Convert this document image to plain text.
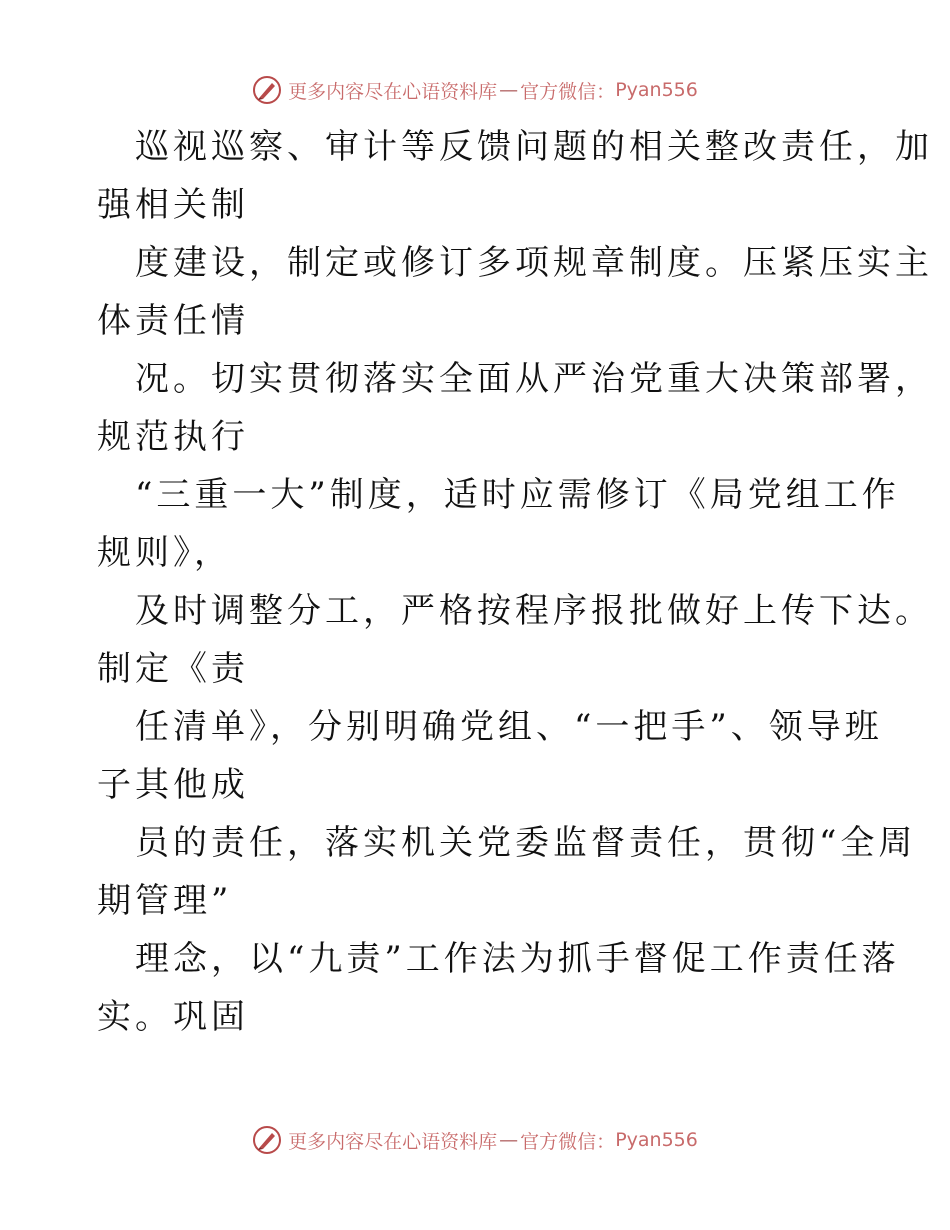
更多内容尽在心语资料库 — 官方微信： Pyan556
巡视巡察、审计等反馈问题的相关整改责任，加
强相关制
度建设，制定或修订多项规章制度。压紧压实主
体责任情
况。切实贯彻落实全面从严治党重大决策部署，
规范执行
“三重一大”制度，适时应需修订《局党组工作
规则》，
及时调整分工，严格按程序报批做好上传下达。
制定《责
任清单》，分别明确党组、“一把手”、领导班
子其他成
员的责任，落实机关党委监督责任，贯彻“全周
期管理”
理念，以“九责”工作法为抓手督促工作责任落
实。巩固
更多内容尽在心语资料库 — 官方微信： Pyan556
